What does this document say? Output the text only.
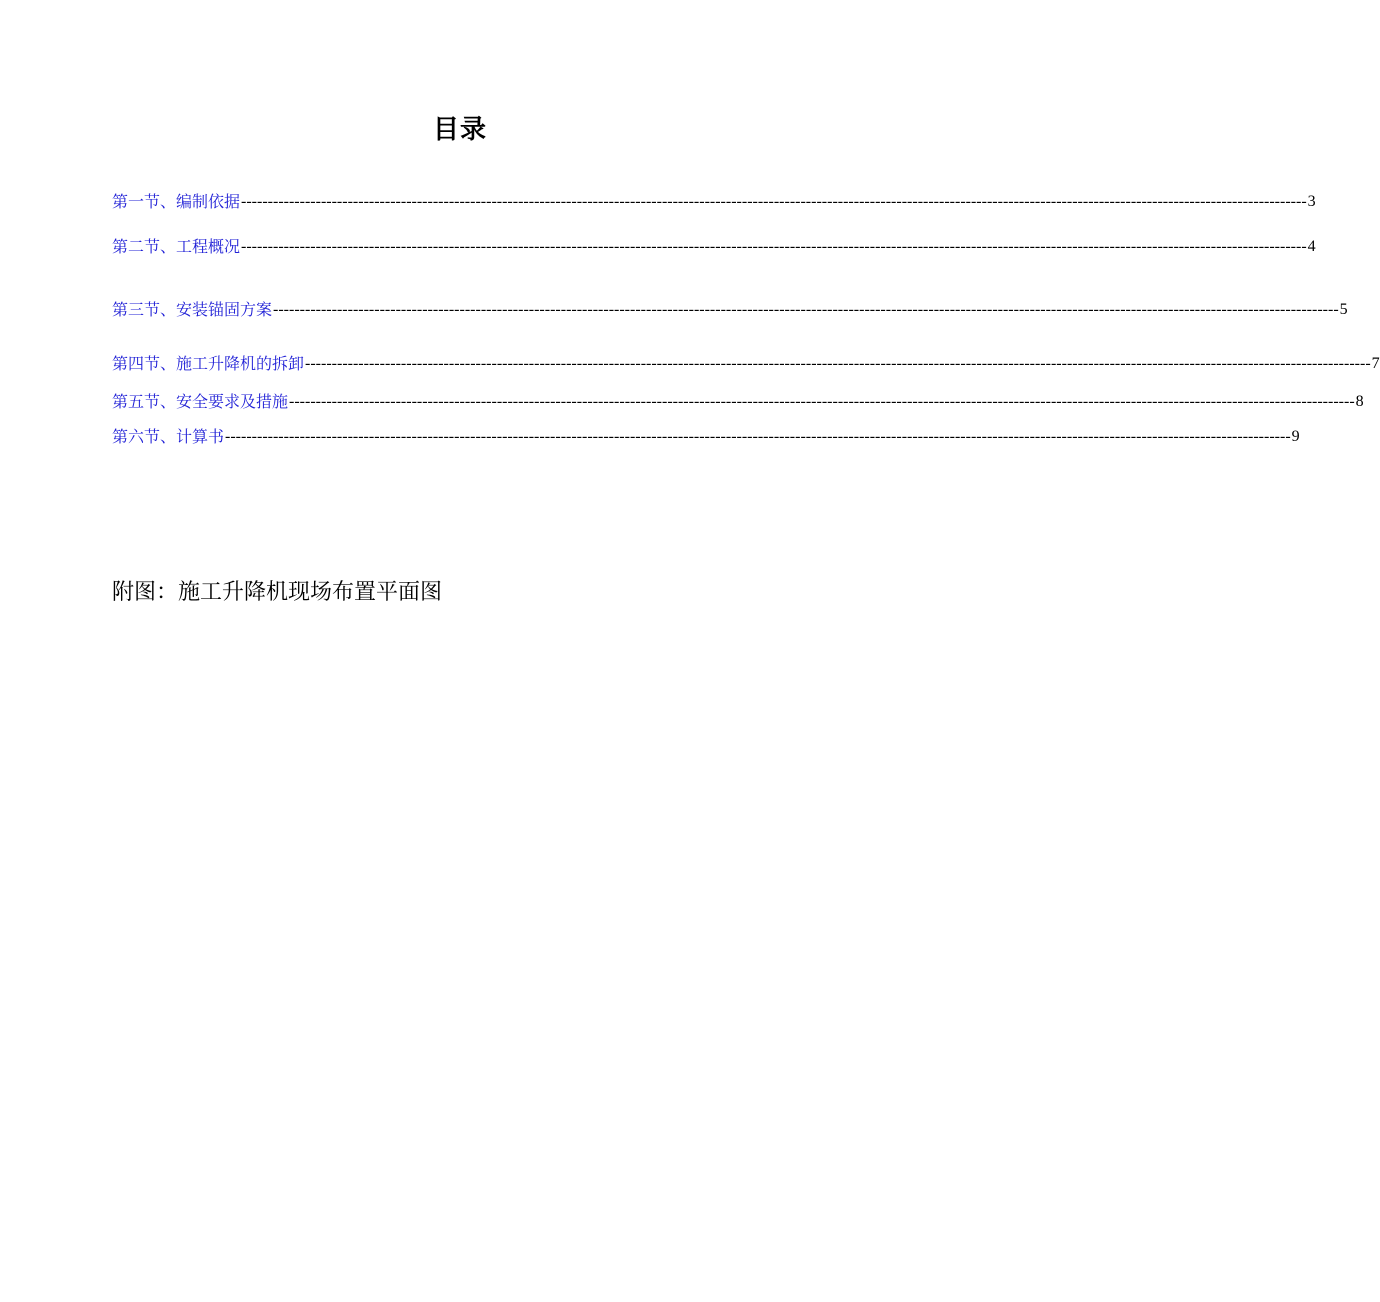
目录
第一节、编制依据 -------------------------------------------------------------------------------------------------------------------------------------------------------------------------------------------------------- 3
第二节、工程概况 -------------------------------------------------------------------------------------------------------------------------------------------------------------------------------------------------------- 4
第三节、安装锚固方案 -------------------------------------------------------------------------------------------------------------------------------------------------------------------------------------------------------- 5
第四节、施工升降机的拆卸 -------------------------------------------------------------------------------------------------------------------------------------------------------------------------------------------------------- 7
第五节、安全要求及措施 -------------------------------------------------------------------------------------------------------------------------------------------------------------------------------------------------------- 8
第六节、计算书 -------------------------------------------------------------------------------------------------------------------------------------------------------------------------------------------------------- 9
附图：施工升降机现场布置平面图
